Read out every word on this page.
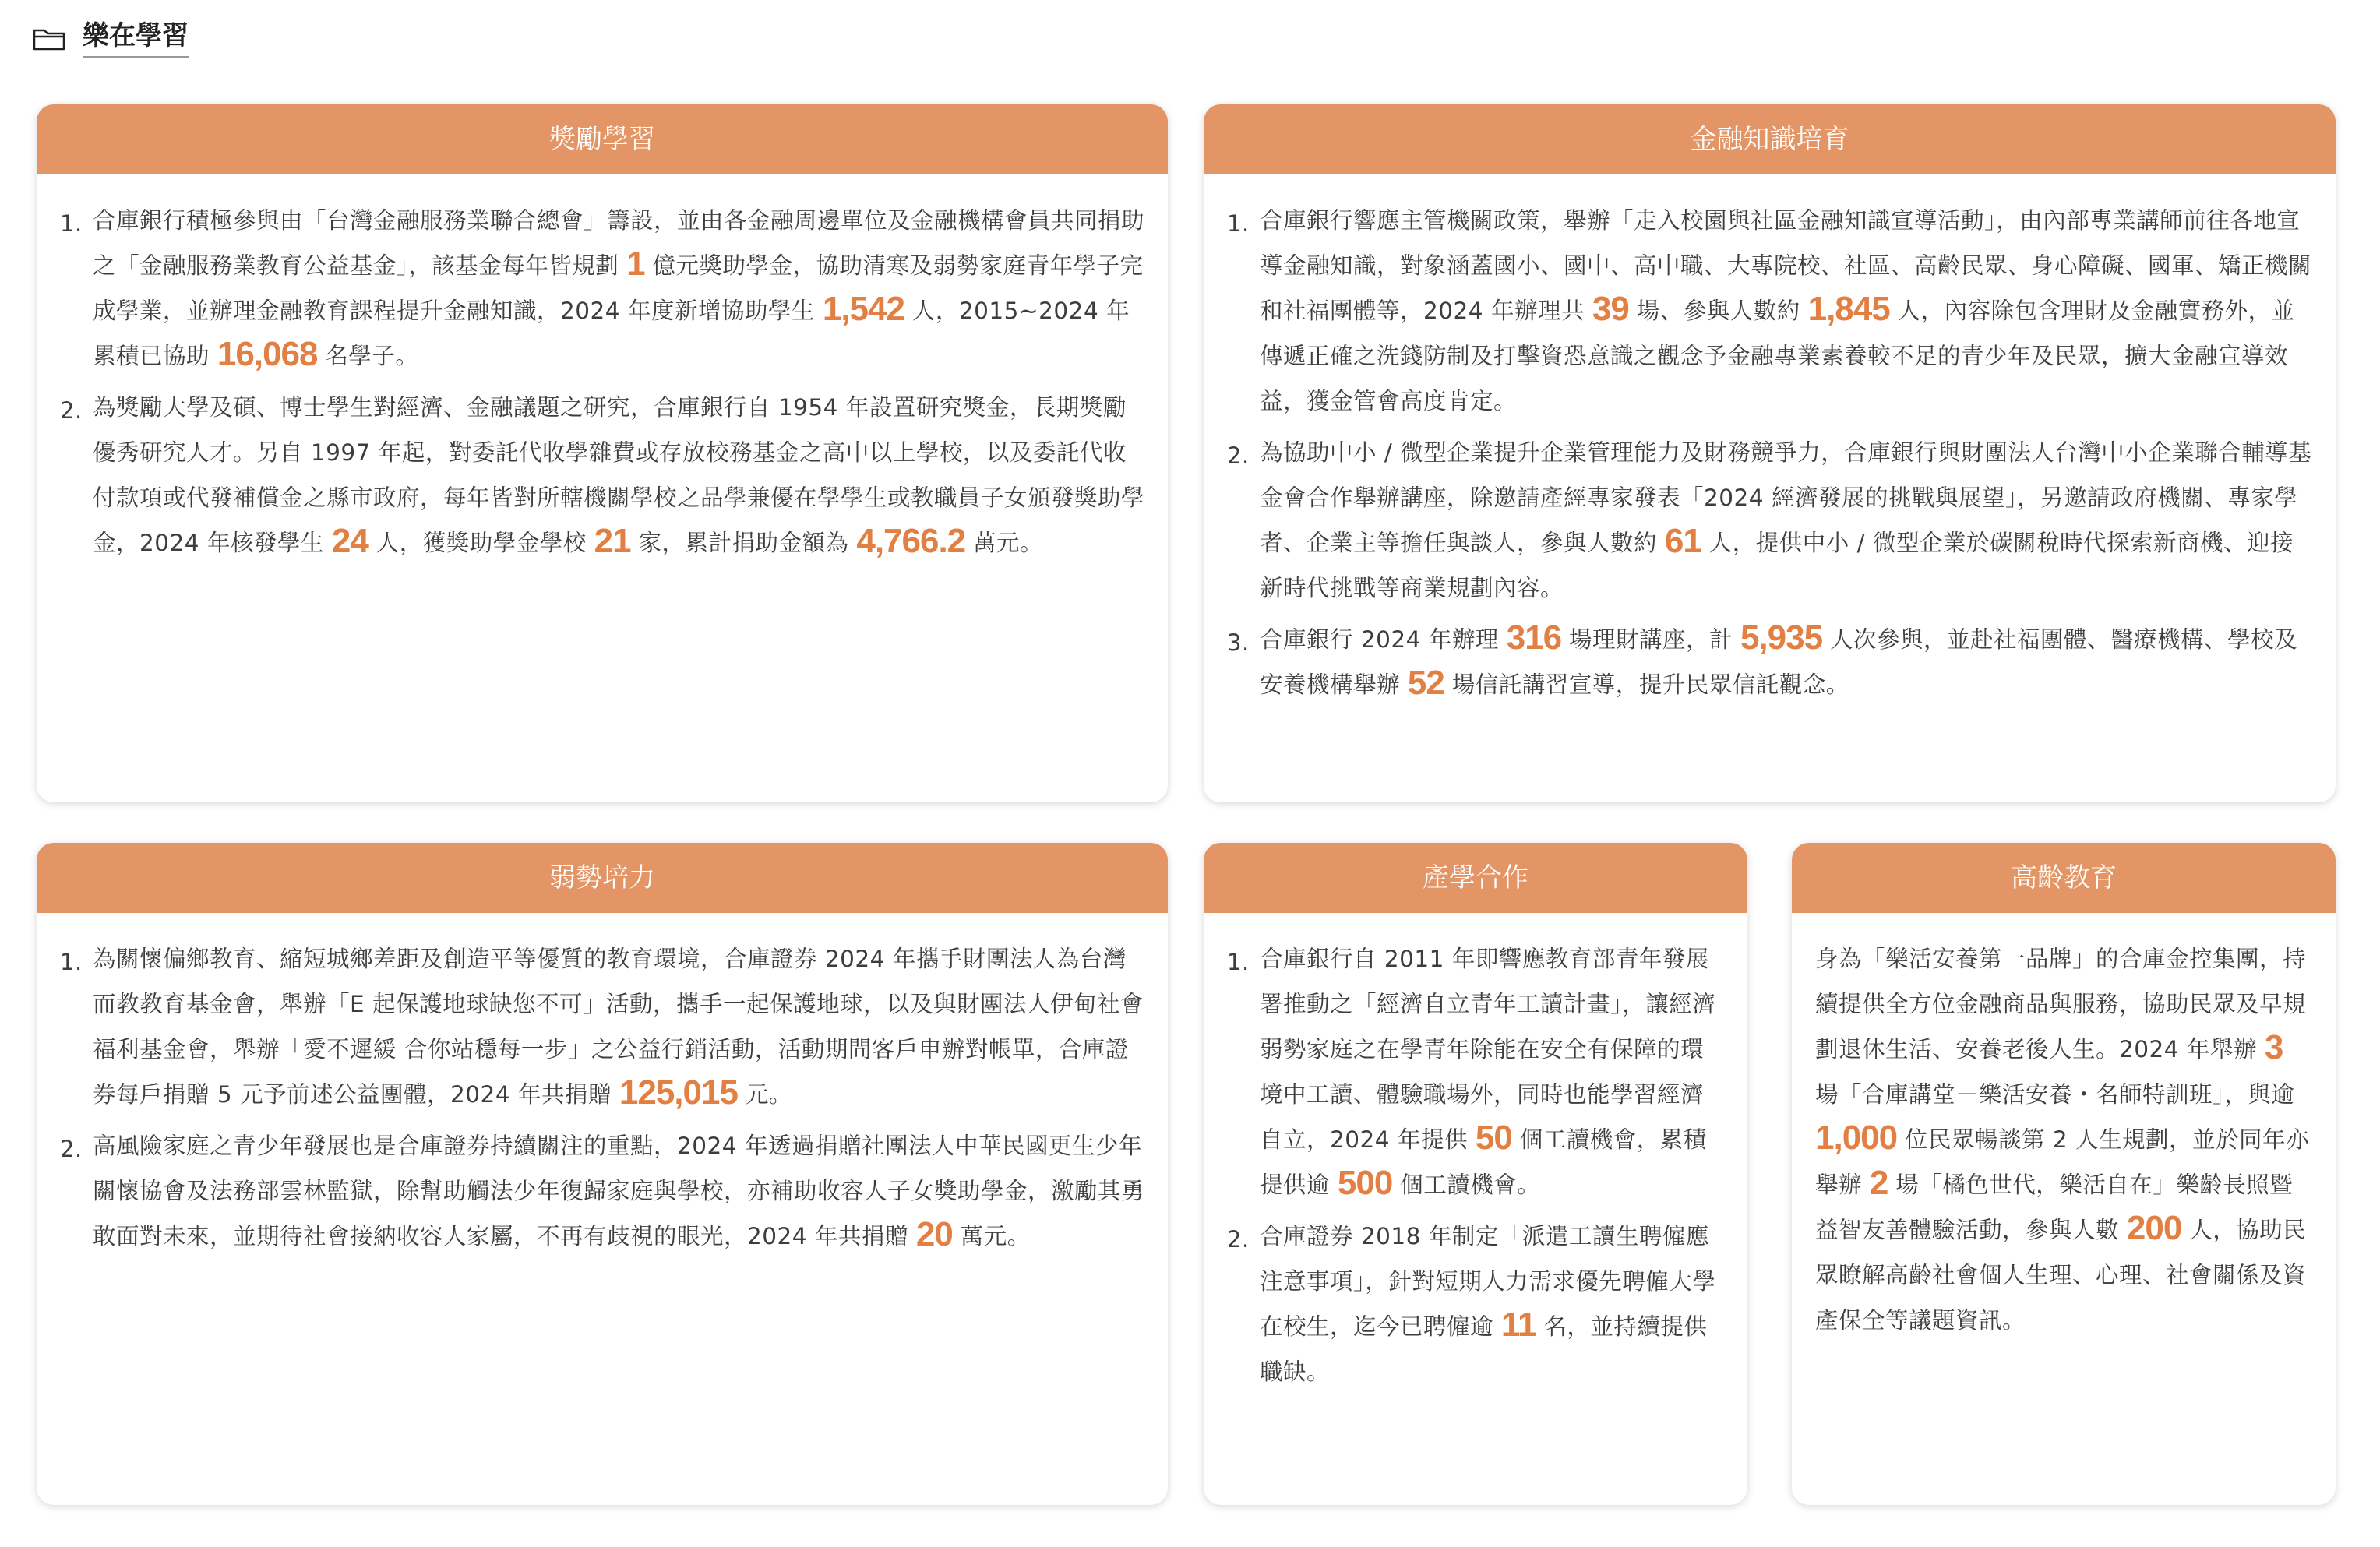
樂在學習
獎勵學習
1. 合庫銀行積極參與由「台灣金融服務業聯合總會」籌設，並由各金融周邊單位及金融機構會員共同捐助之「金融服務業教育公益基金」，該基金每年皆規劃 1 億元獎助學金，協助清寒及弱勢家庭青年學子完成學業，並辦理金融教育課程提升金融知識，2024 年度新增協助學生 1,542 人，2015~2024 年累積已協助 16,068 名學子。
2. 為獎勵大學及碩、博士學生對經濟、金融議題之研究，合庫銀行自 1954 年設置研究獎金，長期獎勵優秀研究人才。另自 1997 年起，對委託代收學雜費或存放校務基金之高中以上學校，以及委託代收付款項或代發補償金之縣市政府，每年皆對所轄機關學校之品學兼優在學學生或教職員子女頒發獎助學金，2024 年核發學生 24 人，獲獎助學金學校 21 家，累計捐助金額為 4,766.2 萬元。
金融知識培育
1. 合庫銀行響應主管機關政策，舉辦「走入校園與社區金融知識宣導活動」，由內部專業講師前往各地宣導金融知識，對象涵蓋國小、國中、高中職、大專院校、社區、高齡民眾、身心障礙、國軍、矯正機關和社福團體等，2024 年辦理共 39 場、參與人數約 1,845 人，內容除包含理財及金融實務外，並傳遞正確之洗錢防制及打擊資恐意識之觀念予金融專業素養較不足的青少年及民眾，擴大金融宣導效益，獲金管會高度肯定。
2. 為協助中小 / 微型企業提升企業管理能力及財務競爭力，合庫銀行與財團法人台灣中小企業聯合輔導基金會合作舉辦講座，除邀請產經專家發表「2024 經濟發展的挑戰與展望」，另邀請政府機關、專家學者、企業主等擔任與談人，參與人數約 61 人，提供中小 / 微型企業於碳關稅時代探索新商機、迎接新時代挑戰等商業規劃內容。
3. 合庫銀行 2024 年辦理 316 場理財講座，計 5,935 人次參與，並赴社福團體、醫療機構、學校及安養機構舉辦 52 場信託講習宣導，提升民眾信託觀念。
弱勢培力
1. 為關懷偏鄉教育、縮短城鄉差距及創造平等優質的教育環境，合庫證券 2024 年攜手財團法人為台灣而教教育基金會，舉辦「E 起保護地球缺您不可」活動，攜手一起保護地球，以及與財團法人伊甸社會福利基金會，舉辦「愛不遲緩 合你站穩每一步」之公益行銷活動，活動期間客戶申辦對帳單，合庫證券每戶捐贈 5 元予前述公益團體，2024 年共捐贈 125,015 元。
2. 高風險家庭之青少年發展也是合庫證券持續關注的重點，2024 年透過捐贈社團法人中華民國更生少年關懷協會及法務部雲林監獄，除幫助觸法少年復歸家庭與學校，亦補助收容人子女獎助學金，激勵其勇敢面對未來，並期待社會接納收容人家屬，不再有歧視的眼光，2024 年共捐贈 20 萬元。
產學合作
1. 合庫銀行自 2011 年即響應教育部青年發展署推動之「經濟自立青年工讀計畫」，讓經濟弱勢家庭之在學青年除能在安全有保障的環境中工讀、體驗職場外，同時也能學習經濟自立，2024 年提供 50 個工讀機會，累積提供逾 500 個工讀機會。
2. 合庫證券 2018 年制定「派遣工讀生聘僱應注意事項」，針對短期人力需求優先聘僱大學在校生，迄今已聘僱逾 11 名，並持續提供職缺。
高齡教育
身為「樂活安養第一品牌」的合庫金控集團，持續提供全方位金融商品與服務，協助民眾及早規劃退休生活、安養老後人生。2024 年舉辦 3 場「合庫講堂－樂活安養・名師特訓班」，與逾 1,000 位民眾暢談第 2 人生規劃，並於同年亦舉辦 2 場「橘色世代，樂活自在」樂齡長照暨益智友善體驗活動，參與人數 200 人，協助民眾瞭解高齡社會個人生理、心理、社會關係及資產保全等議題資訊。
